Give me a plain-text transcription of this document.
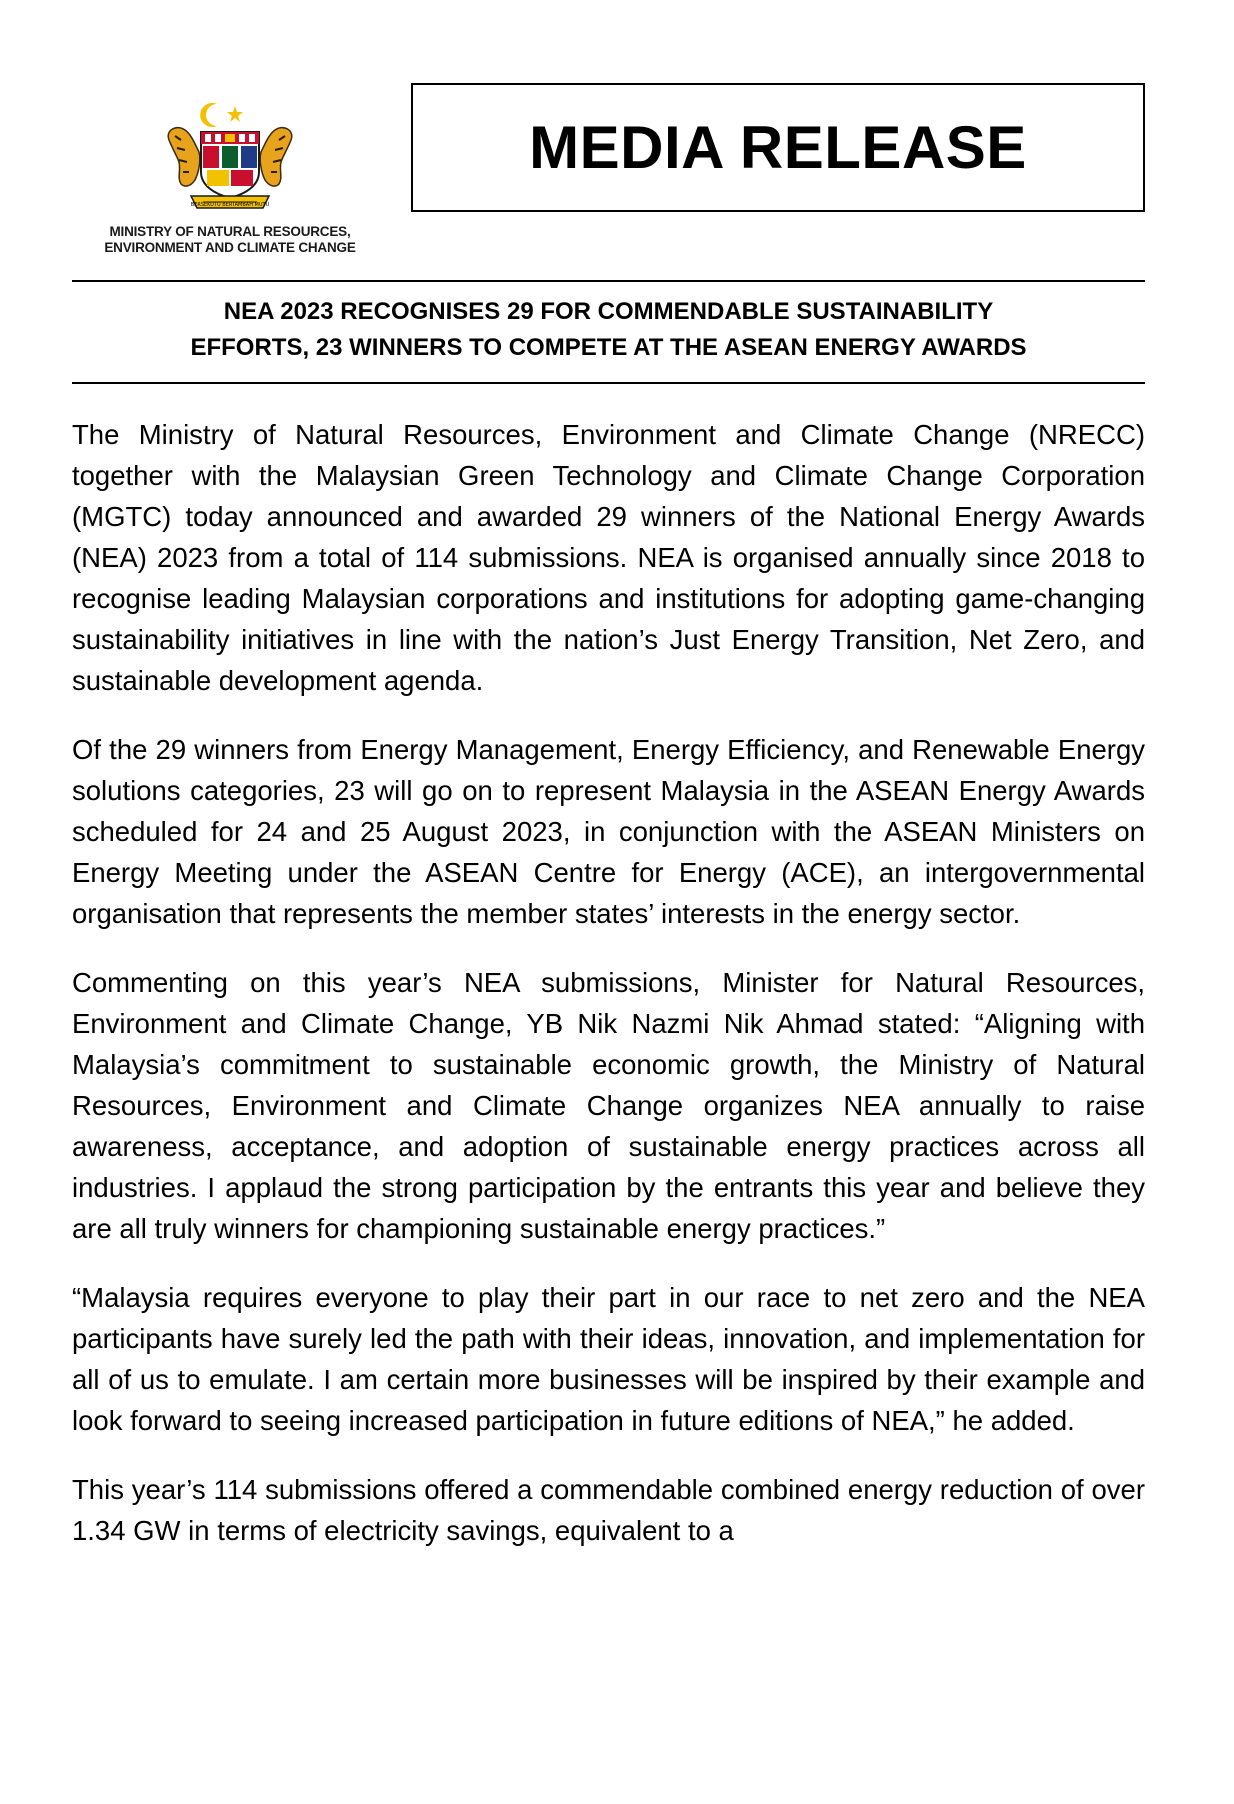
BERSEKUTU BERTAMBAH MUTU
MINISTRY OF NATURAL RESOURCES,
ENVIRONMENT AND CLIMATE CHANGE
MEDIA RELEASE
NEA 2023 RECOGNISES 29 FOR COMMENDABLE SUSTAINABILITY
EFFORTS, 23 WINNERS TO COMPETE AT THE ASEAN ENERGY AWARDS

The Ministry of Natural Resources, Environment and Climate Change (NRECC) together with the Malaysian Green Technology and Climate Change Corporation (MGTC) today announced and awarded 29 winners of the National Energy Awards (NEA) 2023 from a total of 114 submissions. NEA is organised annually since 2018 to recognise leading Malaysian corporations and institutions for adopting game-changing sustainability initiatives in line with the nation’s Just Energy Transition, Net Zero, and sustainable development agenda.

Of the 29 winners from Energy Management, Energy Efficiency, and Renewable Energy solutions categories, 23 will go on to represent Malaysia in the ASEAN Energy Awards scheduled for 24 and 25 August 2023, in conjunction with the ASEAN Ministers on Energy Meeting under the ASEAN Centre for Energy (ACE), an intergovernmental organisation that represents the member states’ interests in the energy sector.

Commenting on this year’s NEA submissions, Minister for Natural Resources, Environment and Climate Change, YB Nik Nazmi Nik Ahmad stated: “Aligning with Malaysia’s commitment to sustainable economic growth, the Ministry of Natural Resources, Environment and Climate Change organizes NEA annually to raise awareness, acceptance, and adoption of sustainable energy practices across all industries. I applaud the strong participation by the entrants this year and believe they are all truly winners for championing sustainable energy practices.”

“Malaysia requires everyone to play their part in our race to net zero and the NEA participants have surely led the path with their ideas, innovation, and implementation for all of us to emulate. I am certain more businesses will be inspired by their example and look forward to seeing increased participation in future editions of NEA,” he added.

This year’s 114 submissions offered a commendable combined energy reduction of over 1.34 GW in terms of electricity savings, equivalent to a
